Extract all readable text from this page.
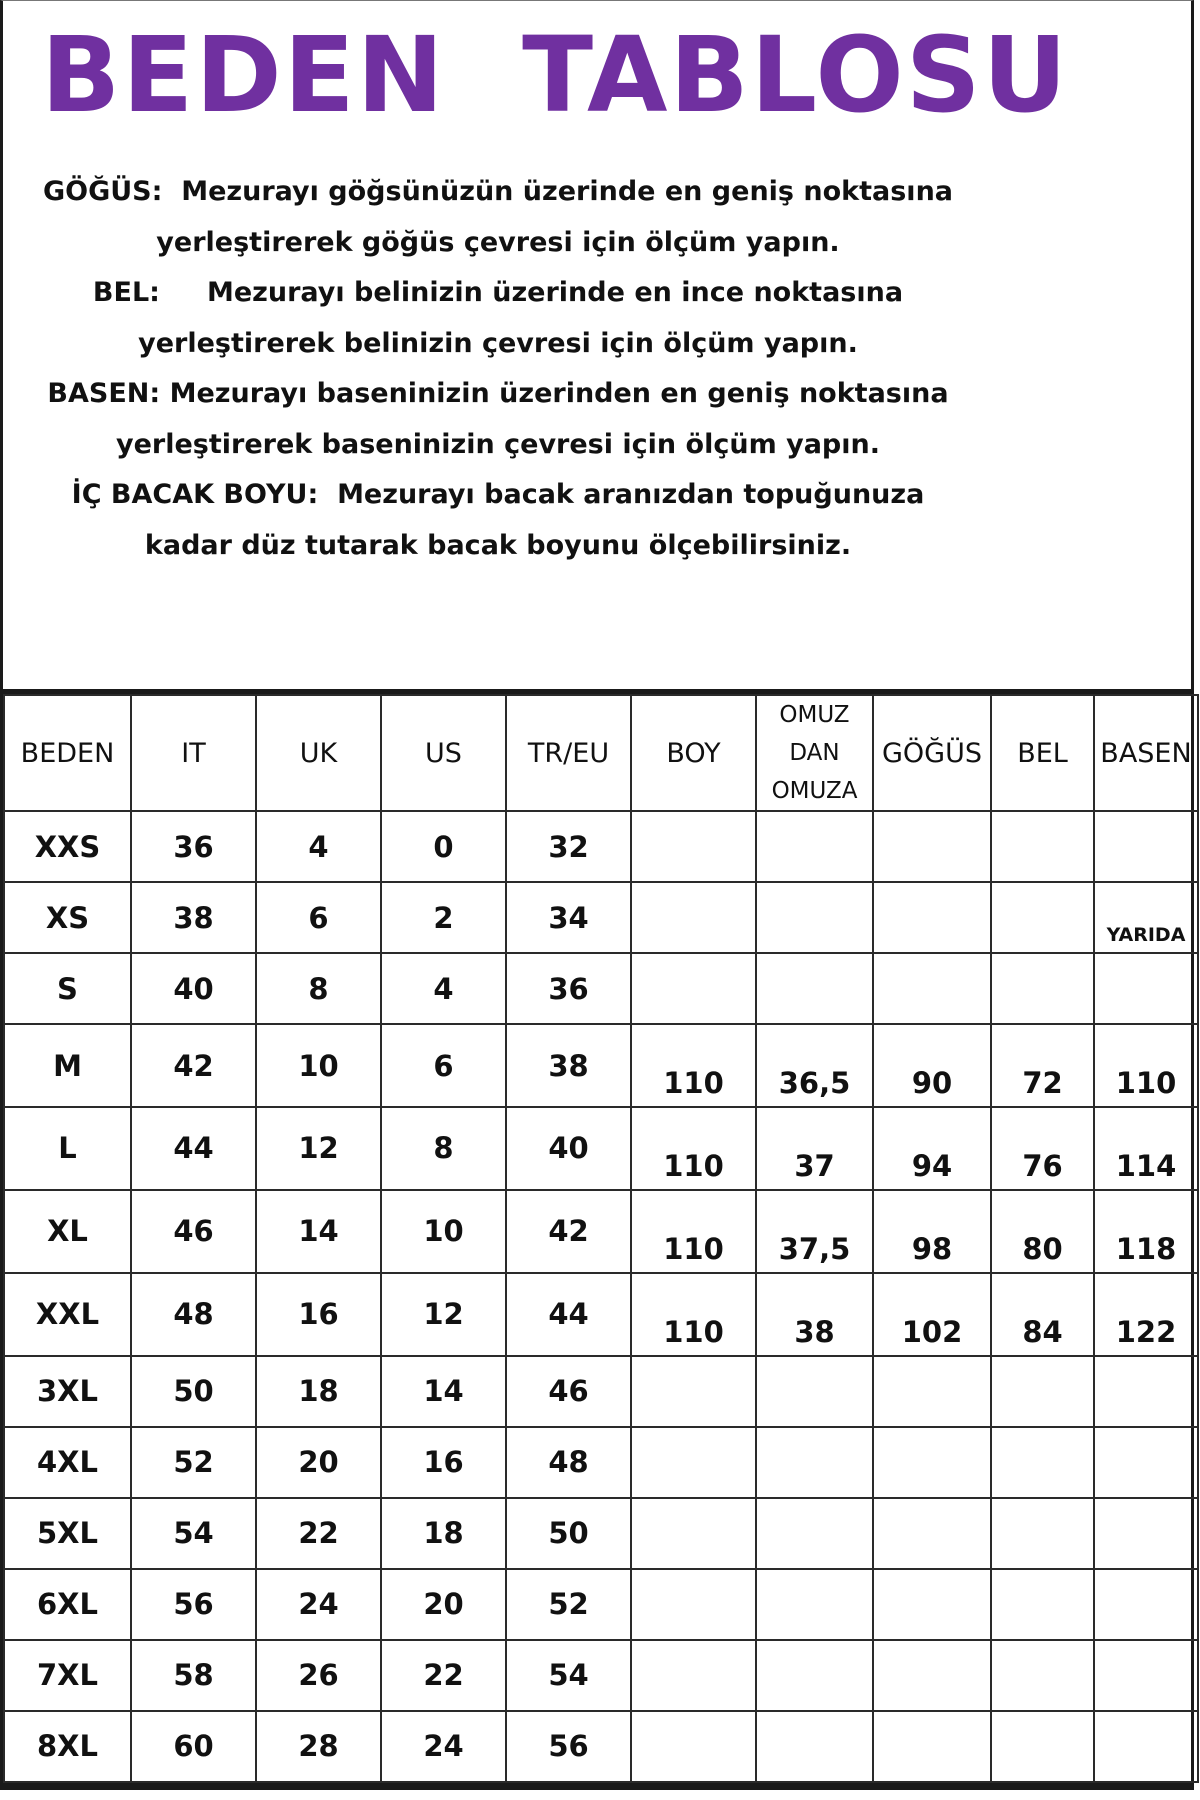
BEDEN  TABLOSU
GÖĞÜS:  Mezurayı göğsünüzün üzerinde en geniş noktasına
yerleştirerek göğüs çevresi için ölçüm yapın.
BEL:     Mezurayı belinizin üzerinde en ince noktasına
yerleştirerek belinizin çevresi için ölçüm yapın.
BASEN: Mezurayı baseninizin üzerinden en geniş noktasına
yerleştirerek baseninizin çevresi için ölçüm yapın.
İÇ BACAK BOYU:  Mezurayı bacak aranızdan topuğunuza
kadar düz tutarak bacak boyunu ölçebilirsiniz.
BEDEN	IT	UK	US	TR/EU	BOY	OMUZ
DAN
OMUZA	GÖĞÜS	BEL	BASEN
XXS	36	4	0	32					
XS	38	6	2	34					YARIDA
S	40	8	4	36					
M	42	10	6	38	110	36,5	90	72	110
L	44	12	8	40	110	37	94	76	114
XL	46	14	10	42	110	37,5	98	80	118
XXL	48	16	12	44	110	38	102	84	122
3XL	50	18	14	46					
4XL	52	20	16	48					
5XL	54	22	18	50					
6XL	56	24	20	52					
7XL	58	26	22	54					
8XL	60	28	24	56					
